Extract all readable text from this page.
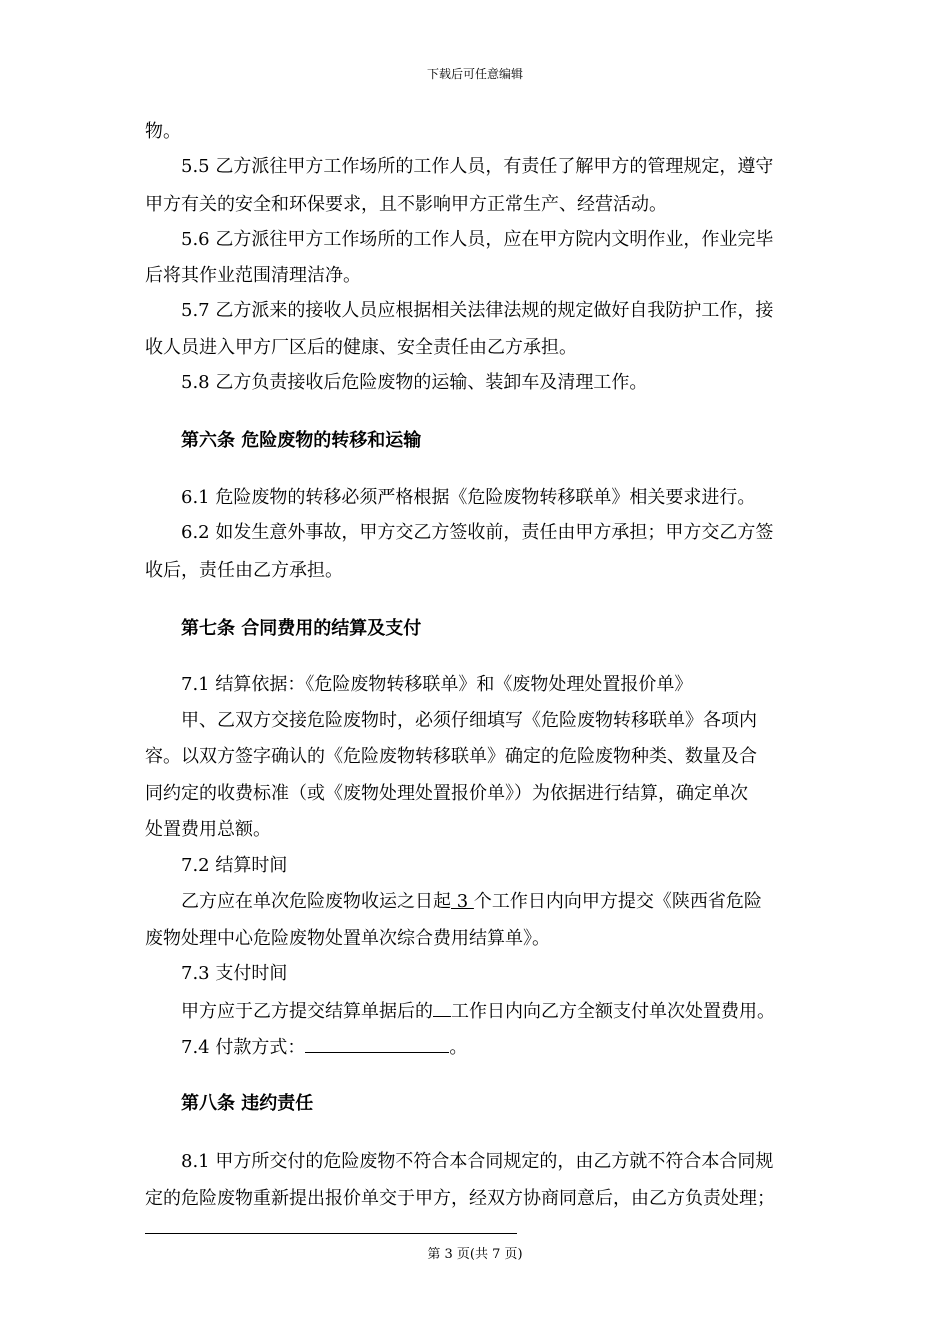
下载后可任意编辑
物。
5.5 乙方派往甲方工作场所的工作人员，有责任了解甲方的管理规定，遵守
甲方有关的安全和环保要求，且不影响甲方正常生产、经营活动。
5.6 乙方派往甲方工作场所的工作人员，应在甲方院内文明作业，作业完毕
后将其作业范围清理洁净。
5.7 乙方派来的接收人员应根据相关法律法规的规定做好自我防护工作，接
收人员进入甲方厂区后的健康、安全责任由乙方承担。
5.8 乙方负责接收后危险废物的运输、装卸车及清理工作。
第六条 危险废物的转移和运输
6.1 危险废物的转移必须严格根据《危险废物转移联单》相关要求进行。
6.2 如发生意外事故，甲方交乙方签收前，责任由甲方承担；甲方交乙方签
收后，责任由乙方承担。
第七条 合同费用的结算及支付
7.1 结算依据：《危险废物转移联单》和《废物处理处置报价单》
甲、乙双方交接危险废物时，必须仔细填写《危险废物转移联单》各项内
容。以双方签字确认的《危险废物转移联单》确定的危险废物种类、数量及合
同约定的收费标准（或《废物处理处置报价单》）为依据进行结算，确定单次
处置费用总额。
7.2 结算时间
乙方应在单次危险废物收运之日起 3 个工作日内向甲方提交《陕西省危险
废物处理中心危险废物处置单次综合费用结算单》。
7.3 支付时间
甲方应于乙方提交结算单据后的 工作日内向乙方全额支付单次处置费用。
7.4 付款方式：	。
第八条 违约责任
8.1 甲方所交付的危险废物不符合本合同规定的，由乙方就不符合本合同规
定的危险废物重新提出报价单交于甲方，经双方协商同意后，由乙方负责处理；
第 3 页(共 7 页)
